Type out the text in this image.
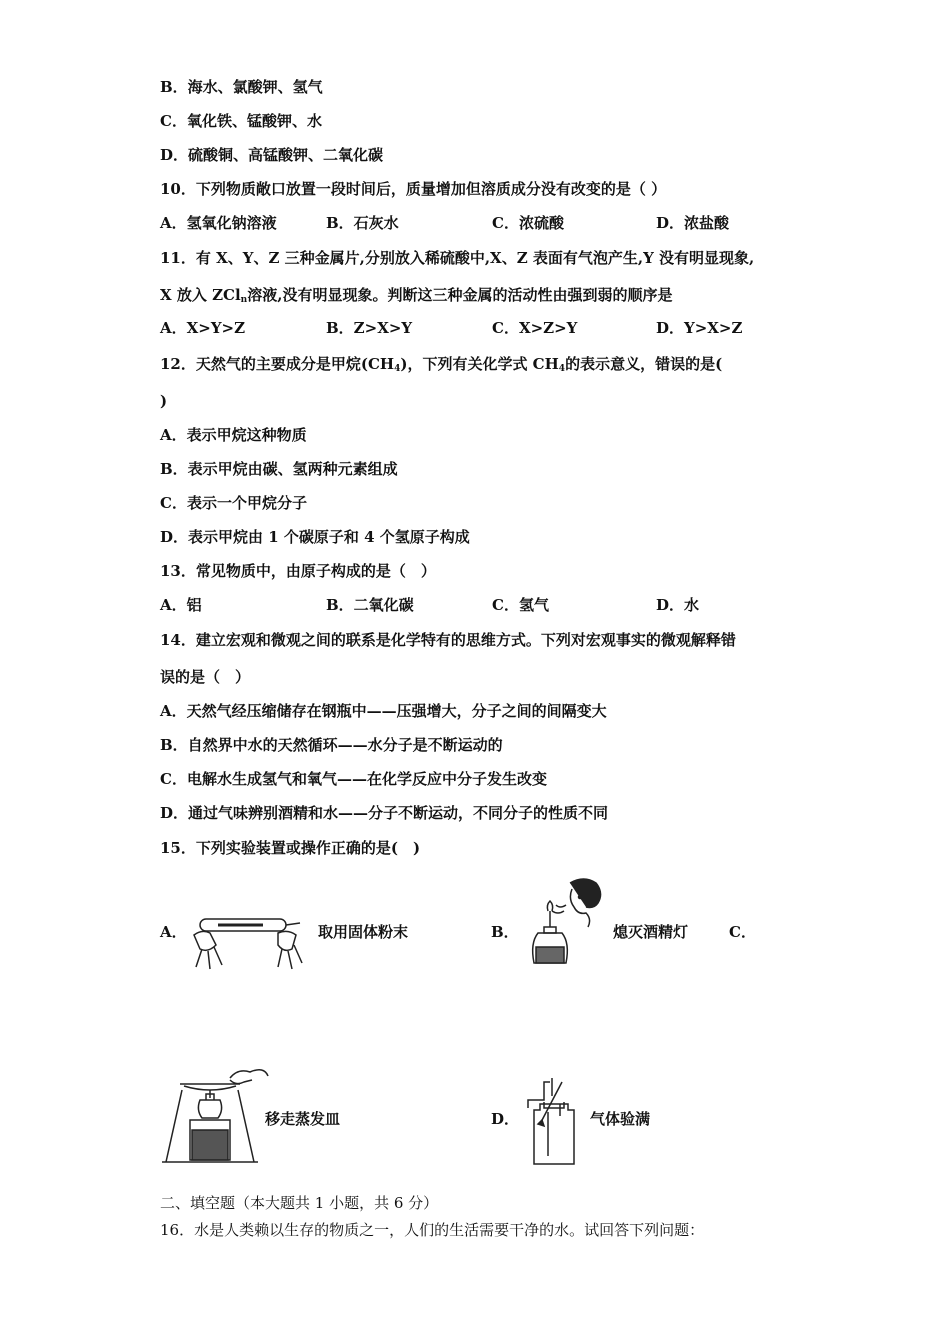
B．海水、氯酸钾、氢气
C．氧化铁、锰酸钾、水
D．硫酸铜、高锰酸钾、二氧化碳
10．下列物质敞口放置一段时间后，质量增加但溶质成分没有改变的是（ ）
A．氢氧化钠溶液	B．石灰水	C．浓硫酸	D．浓盐酸
11．有 X、Y、Z 三种金属片,分别放入稀硫酸中,X、Z 表面有气泡产生,Y 没有明显现象,
X 放入 ZCl$_n$溶液,没有明显现象。判断这三种金属的活动性由强到弱的顺序是
A．X>Y>Z	B．Z>X>Y	C．X>Z>Y	D．Y>X>Z
12．天然气的主要成分是甲烷$(CH_4)$，下列有关化学式 $CH_4$的表示意义，错误的是(
)
A．表示甲烷这种物质
B．表示甲烷由碳、氢两种元素组成
C．表示一个甲烷分子
D．表示甲烷由 1 个碳原子和 4 个氢原子构成
13．常见物质中，由原子构成的是（　）
A．铝	B．二氧化碳	C．氢气	D．水
14．建立宏观和微观之间的联系是化学特有的思维方式。下列对宏观事实的微观解释错
误的是（　）
A．天然气经压缩储存在钢瓶中——压强增大，分子之间的间隔变大
B．自然界中水的天然循环——水分子是不断运动的
C．电解水生成氢气和氧气——在化学反应中分子发生改变
D．通过气味辨别酒精和水——分子不断运动，不同分子的性质不同
15．下列实验装置或操作正确的是(　)
A．	取用固体粉末	B．	熄灭酒精灯	C．
移走蒸发皿	D．	气体验满
二、填空题（本大题共 1 小题，共 6 分）
16．水是人类赖以生存的物质之一，人们的生活需要干净的水。试回答下列问题：
